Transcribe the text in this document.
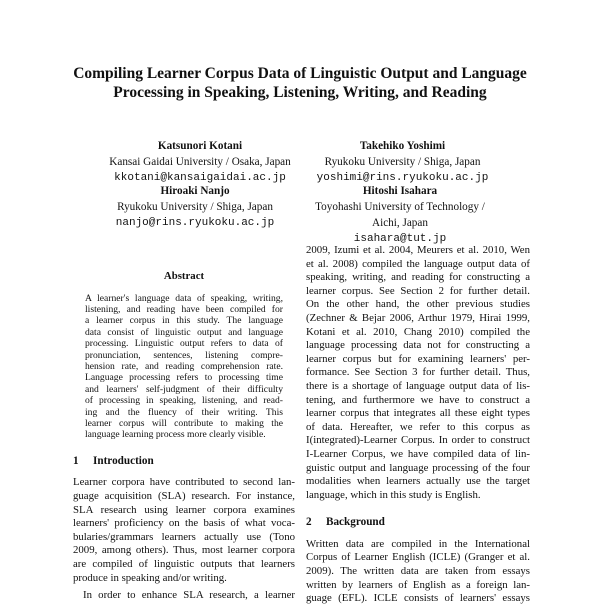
Compiling Learner Corpus Data of Linguistic Output and Language
Processing in Speaking, Listening, Writing, and Reading
Katsunori Kotani
Kansai Gaidai University / Osaka, Japan
kkotani@kansaigaidai.ac.jp
Takehiko Yoshimi
Ryukoku University / Shiga, Japan
yoshimi@rins.ryukoku.ac.jp
Hiroaki Nanjo
Ryukoku University / Shiga, Japan
nanjo@rins.ryukoku.ac.jp
Hitoshi Isahara
Toyohashi University of Technology /
Aichi, Japan
isahara@tut.jp
Abstract
A learner's language data of speaking, writing,
listening, and reading have been compiled for
a learner corpus in this study. The language
data consist of linguistic output and language
processing. Linguistic output refers to data of
pronunciation, sentences, listening compre-
hension rate, and reading comprehension rate.
Language processing refers to processing time
and learners' self-judgment of their difficulty
of processing in speaking, listening, and read-
ing and the fluency of their writing. This
learner corpus will contribute to making the
language learning process more clearly visible.
1 Introduction
Learner corpora have contributed to second lan-
guage acquisition (SLA) research. For instance,
SLA research using learner corpora examines
learners' proficiency on the basis of what voca-
bularies/grammars learners actually use (Tono
2009, among others). Thus, most learner corpora
are compiled of linguistic outputs that learners
produce in speaking and/or writing.
In order to enhance SLA research, a learner
2009, Izumi et al. 2004, Meurers et al. 2010, Wen
et al. 2008) compiled the language output data of
speaking, writing, and reading for constructing a
learner corpus. See Section 2 for further detail.
On the other hand, the other previous studies
(Zechner & Bejar 2006, Arthur 1979, Hirai 1999,
Kotani et al. 2010, Chang 2010) compiled the
language processing data not for constructing a
learner corpus but for examining learners' per-
formance. See Section 3 for further detail. Thus,
there is a shortage of language output data of lis-
tening, and furthermore we have to construct a
learner corpus that integrates all these eight types
of data. Hereafter, we refer to this corpus as
I(integrated)-Learner Corpus. In order to construct
I-Learner Corpus, we have compiled data of lin-
guistic output and language processing of the four
modalities when learners actually use the target
language, which in this study is English.
2 Background
Written data are compiled in the International
Corpus of Learner English (ICLE) (Granger et al.
2009). The written data are taken from essays
written by learners of English as a foreign lan-
guage (EFL). ICLE consists of learners' essays
